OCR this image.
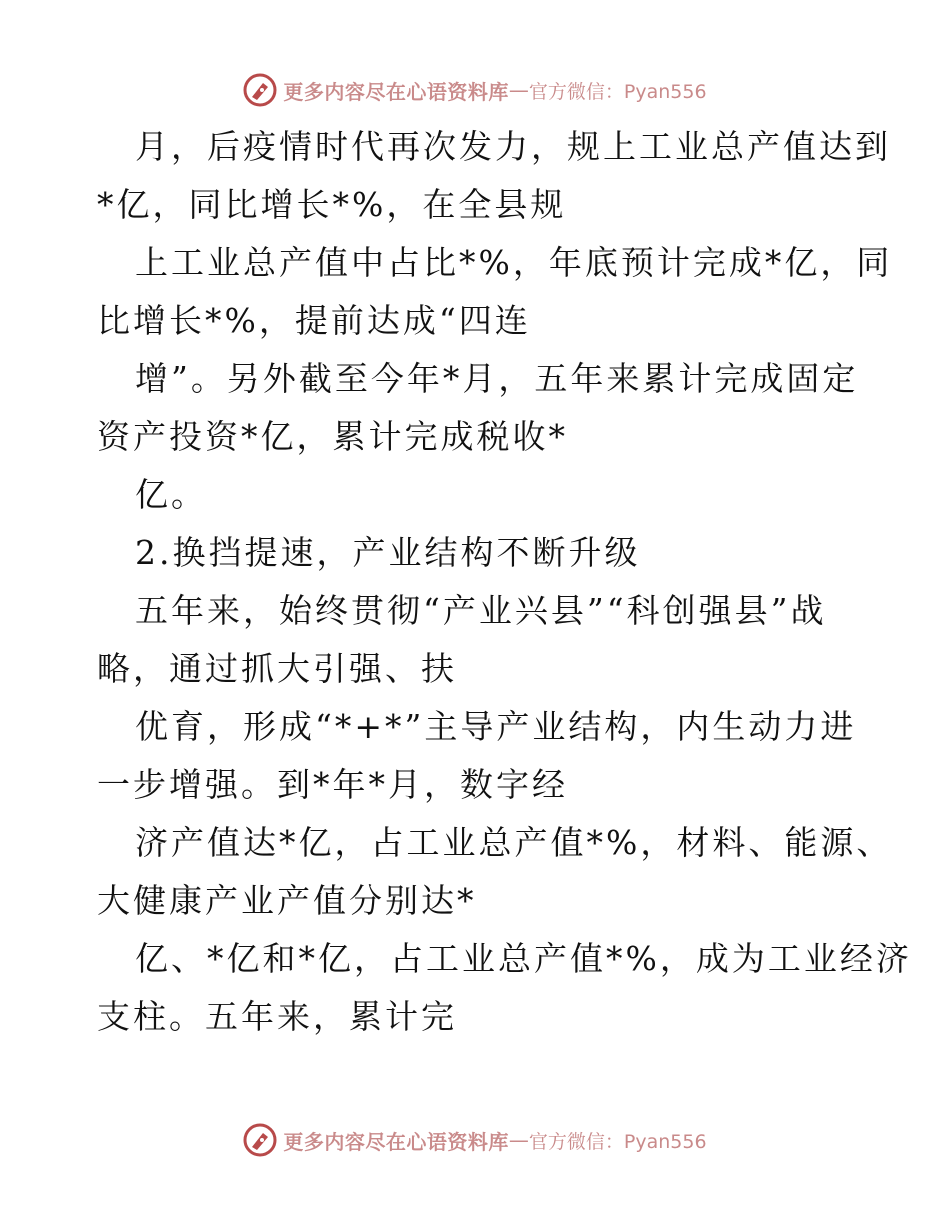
更多内容尽在心语资料库 — 官方微信：Pyan556
月，后疫情时代再次发力，规上工业总产值达到
*亿，同比增长*%，在全县规
上工业总产值中占比*%，年底预计完成*亿，同
比增长*%，提前达成“四连
增”。另外截至今年*月，五年来累计完成固定
资产投资*亿，累计完成税收*
亿。
2.换挡提速，产业结构不断升级
五年来，始终贯彻“产业兴县”“科创强县”战
略，通过抓大引强、扶
优育，形成“*+*”主导产业结构，内生动力进
一步增强。到*年*月，数字经
济产值达*亿，占工业总产值*%，材料、能源、
大健康产业产值分别达*
亿、*亿和*亿，占工业总产值*%，成为工业经济
支柱。五年来，累计完
更多内容尽在心语资料库 — 官方微信：Pyan556
